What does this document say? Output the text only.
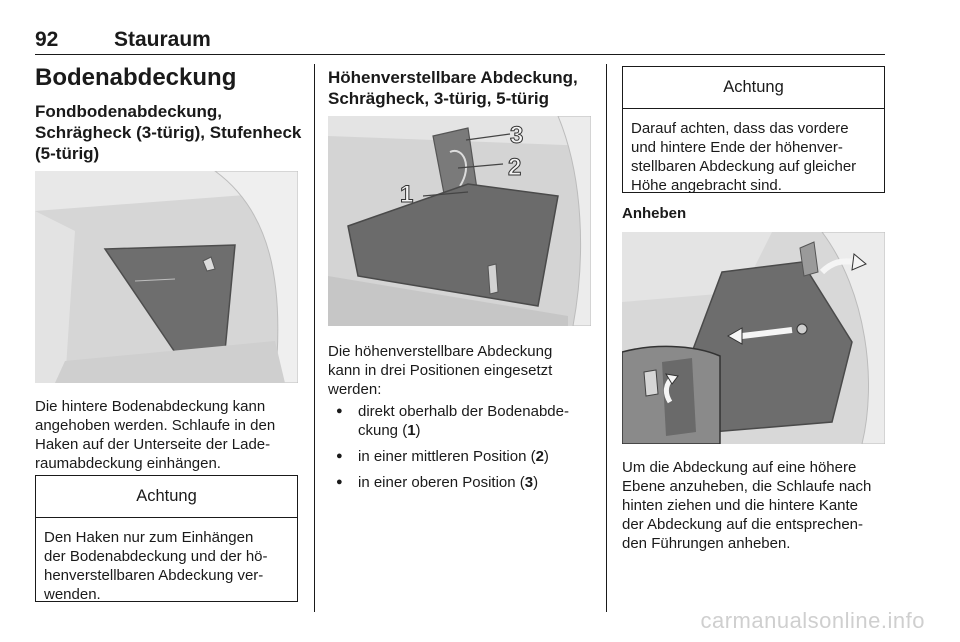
92	Stauraum
Bodenabdeckung
Fondbodenabdeckung,
Schrägheck (3-türig), Stufenheck
(5-türig)
Die hintere Bodenabdeckung kann
angehoben werden. Schlaufe in den
Haken auf der Unterseite der Lade-
raumabdeckung einhängen.
Achtung
Den Haken nur zum Einhängen
der Bodenabdeckung und der hö-
henverstellbaren Abdeckung ver-
wenden.
Höhenverstellbare Abdeckung,
Schrägheck, 3-türig, 5-türig
1
2
3
Die höhenverstellbare Abdeckung
kann in drei Positionen eingesetzt
werden:
● direkt oberhalb der Bodenabde-
ckung (1)
● in einer mittleren Position (2)
● in einer oberen Position (3)
Achtung
Darauf achten, dass das vordere
und hintere Ende der höhenver-
stellbaren Abdeckung auf gleicher
Höhe angebracht sind.
Anheben
Um die Abdeckung auf eine höhere
Ebene anzuheben, die Schlaufe nach
hinten ziehen und die hintere Kante
der Abdeckung auf die entsprechen-
den Führungen anheben.
carmanualsonline.info
